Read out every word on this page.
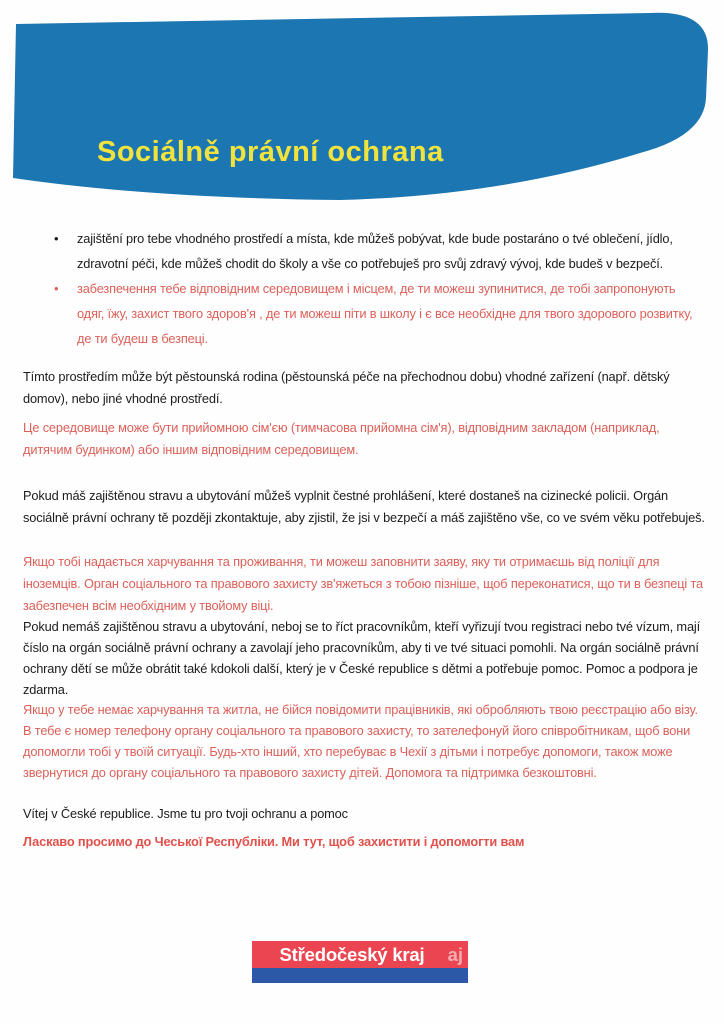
Sociálně právní ochrana
• zajištění pro tebe vhodného prostředí a místa, kde můžeš pobývat, kde bude postaráno o tvé oblečení, jídlo, zdravotní péči, kde můžeš chodit do školy a vše co potřebuješ pro svůj zdravý vývoj, kde budeš v bezpečí.
• забезпечення тебе відповідним середовищем і місцем, де ти можеш зупинитися, де тобі запропонують одяг, їжу, захист твого здоров'я , де ти можеш піти в школу і є все необхідне для твого здорового розвитку, де ти будеш в безпеці.

Tímto prostředím může být pěstounská rodina (pěstounská péče na přechodnou dobu) vhodné zařízení (např. dětský domov), nebo jiné vhodné prostředí.

Це середовище може бути прийомною сім'єю (тимчасова прийомна сім'я), відповідним закладом (наприклад, дитячим будинком) або іншим відповідним середовищем.

Pokud máš zajištěnou stravu a ubytování můžeš vyplnit čestné prohlášení, které dostaneš na cizinecké policii. Orgán sociálně právní ochrany tě později zkontaktuje, aby zjistil, že jsi v bezpečí a máš zajištěno vše, co ve svém věku potřebuješ.

Якщо тобі надається харчування та проживання, ти можеш заповнити заяву, яку ти отримаєшь від поліції для іноземців. Орган соціального та правового захисту зв'яжеться з тобою пізніше, щоб переконатися, що ти в безпеці та забезпечен всім необхідним у твойому віці.

Pokud nemáš zajištěnou stravu a ubytování, neboj se to říct pracovníkům, kteří vyřizují tvou registraci nebo tvé vízum, mají číslo na orgán sociálně právní ochrany a zavolají jeho pracovníkům, aby ti ve tvé situaci pomohli. Na orgán sociálně právní ochrany dětí se může obrátit také kdokoli další, který je v České republice s dětmi a potřebuje pomoc. Pomoc a podpora je zdarma.

Якщо у тебе немає харчування та житла, не бійся повідомити працівників, які обробляють твою реєстрацію або візу. В тебе є номер телефону органу соціального та правового захисту, то зателефонуй його співробітникам, щоб вони допомогли тобі у твоїй ситуації. Будь-хто інший, хто перебуває в Чехії з дітьми і потребує допомоги, також може звернутися до органу соціального та правового захисту дітей. Допомога та підтримка безкоштовні.

Vítej v České republice. Jsme tu pro tvoji ochranu a pomoc

Ласкаво просимо до Чеської Республіки. Ми тут, щоб захистити і допомогти вам

Středočeský kraj aj
